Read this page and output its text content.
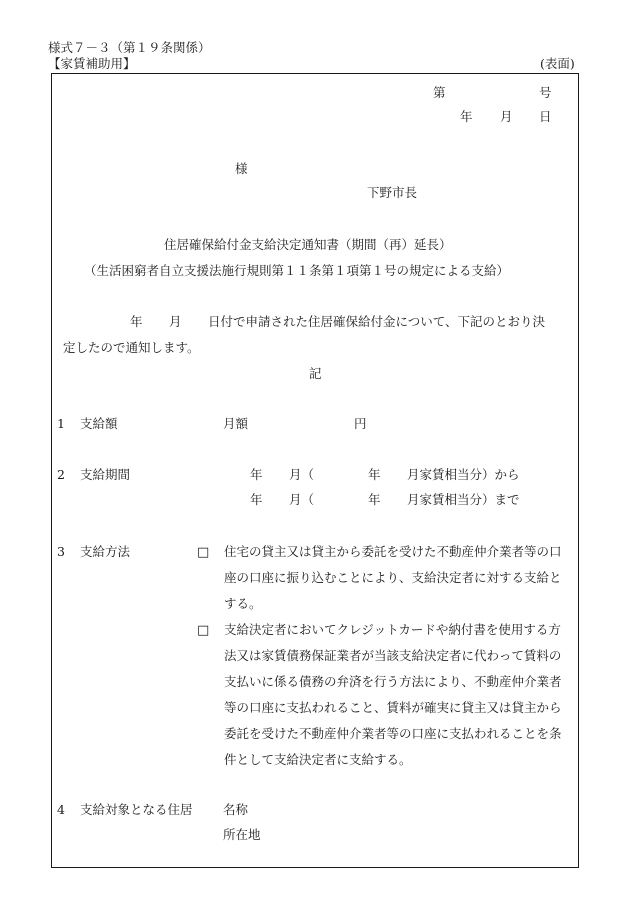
様式７－３（第１９条関係）
【家賃補助用】	(表面)
第	号
年 月 日
様
下野市長
住居確保給付金支給決定通知書（期間（再）延長）
（生活困窮者自立支援法施行規則第１１条第１項第１号の規定による支給）
年 月 日付で申請された住居確保給付金について、下記のとおり決
定したので通知します。
記
1 支給額	月額	円
2 支給期間	年 月（	年 月家賃相当分）から
年 月（	年 月家賃相当分）まで
3 支給方法	□ 住宅の貸主又は貸主から委託を受けた不動産仲介業者等の口
座の口座に振り込むことにより、支給決定者に対する支給と
する。
□ 支給決定者においてクレジットカードや納付書を使用する方
法又は家賃債務保証業者が当該支給決定者に代わって賃料の
支払いに係る債務の弁済を行う方法により、不動産仲介業者
等の口座に支払われること、賃料が確実に貸主又は貸主から
委託を受けた不動産仲介業者等の口座に支払われることを条
件として支給決定者に支給する。
4 支給対象となる住居 名称
所在地
